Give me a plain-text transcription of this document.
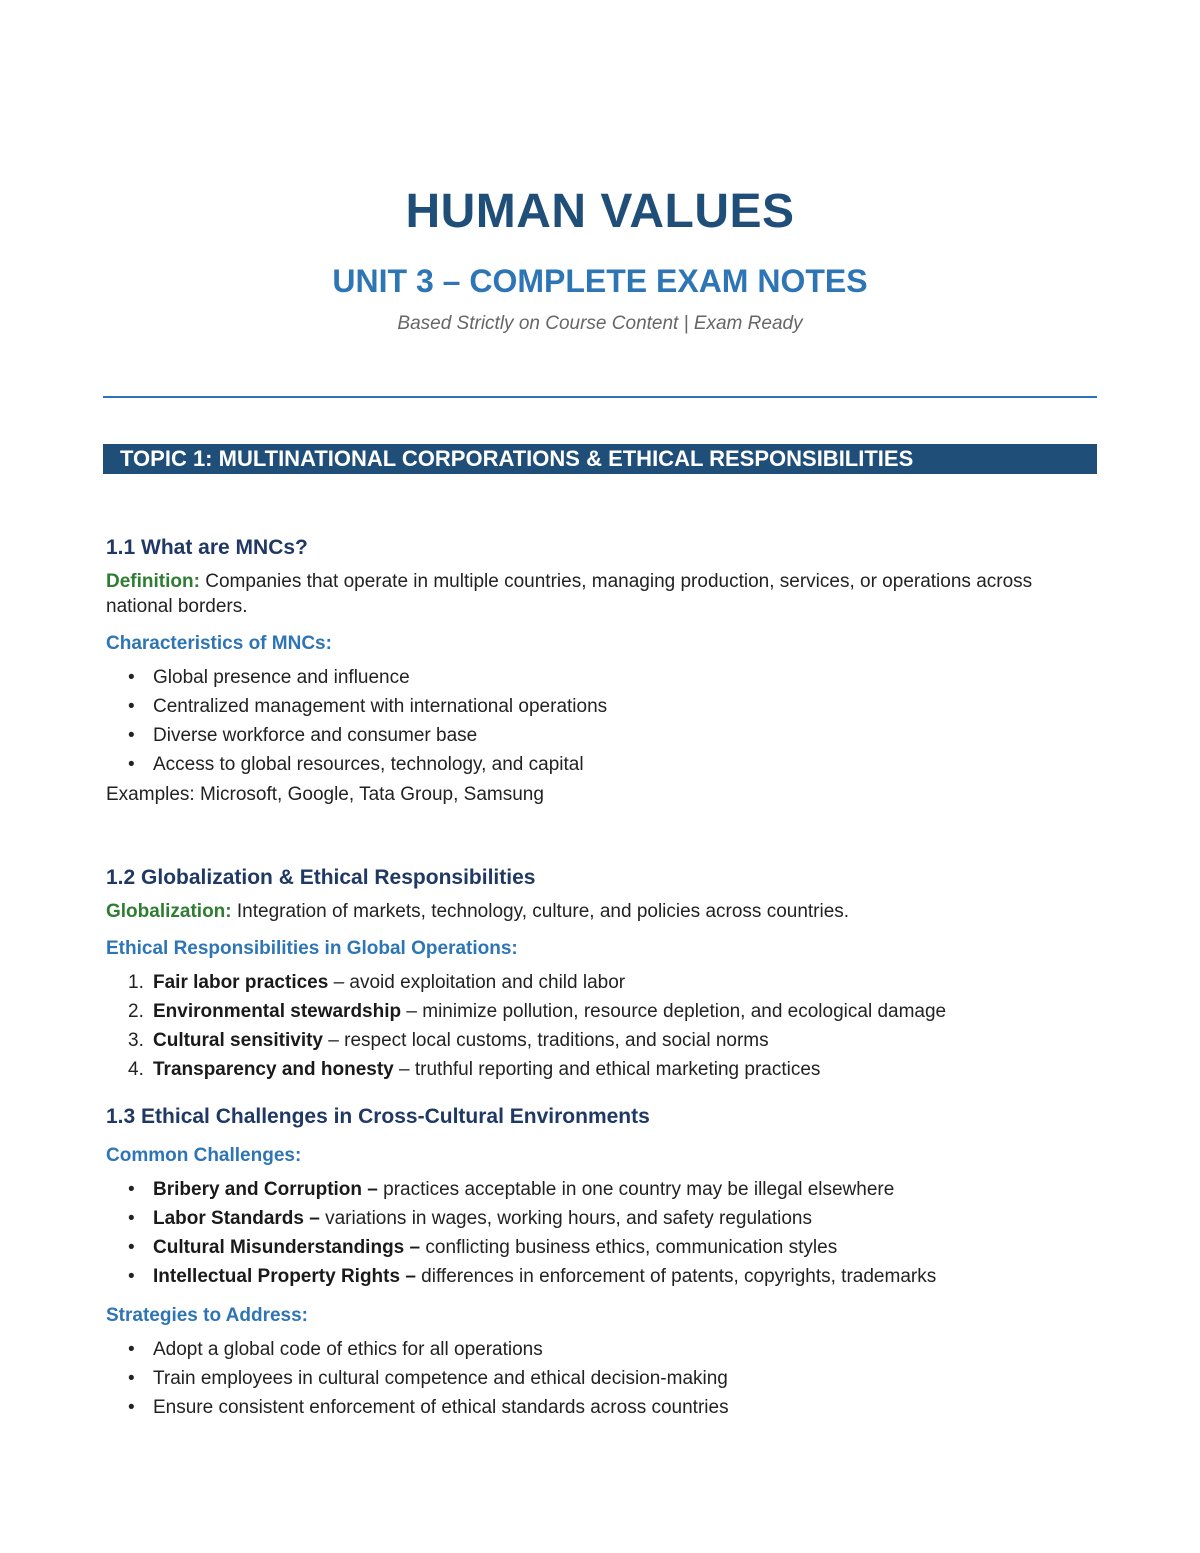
HUMAN VALUES
UNIT 3 – COMPLETE EXAM NOTES
Based Strictly on Course Content | Exam Ready
TOPIC 1: MULTINATIONAL CORPORATIONS & ETHICAL RESPONSIBILITIES
1.1 What are MNCs?

Definition: Companies that operate in multiple countries, managing production, services, or operations across national borders.

Characteristics of MNCs:
• Global presence and influence
• Centralized management with international operations
• Diverse workforce and consumer base
• Access to global resources, technology, and capital

Examples: Microsoft, Google, Tata Group, Samsung

1.2 Globalization & Ethical Responsibilities

Globalization: Integration of markets, technology, culture, and policies across countries.

Ethical Responsibilities in Global Operations:
1. Fair labor practices – avoid exploitation and child labor
2. Environmental stewardship – minimize pollution, resource depletion, and ecological damage
3. Cultural sensitivity – respect local customs, traditions, and social norms
4. Transparency and honesty – truthful reporting and ethical marketing practices
1.3 Ethical Challenges in Cross-Cultural Environments
Common Challenges:
• Bribery and Corruption – practices acceptable in one country may be illegal elsewhere
• Labor Standards – variations in wages, working hours, and safety regulations
• Cultural Misunderstandings – conflicting business ethics, communication styles
• Intellectual Property Rights – differences in enforcement of patents, copyrights, trademarks
Strategies to Address:
• Adopt a global code of ethics for all operations
• Train employees in cultural competence and ethical decision-making
• Ensure consistent enforcement of ethical standards across countries
